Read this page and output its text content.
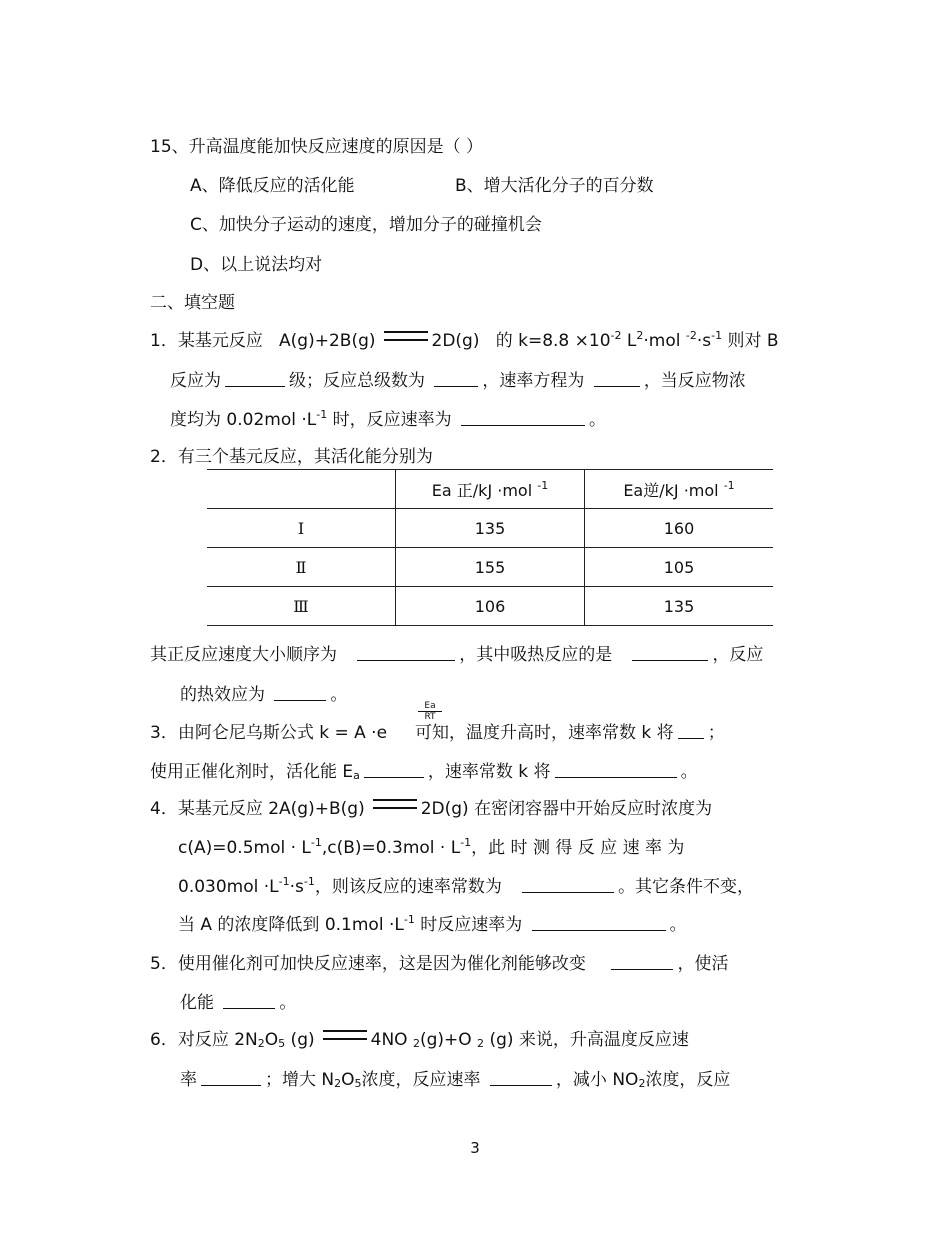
15、升高温度能加快反应速度的原因是（ ）
A、降低反应的活化能	B、增大活化分子的百分数
C、加快分子运动的速度，增加分子的碰撞机会
D、以上说法均对
二、填空题
1．某基元反应 A(g)+2B(g)	2D(g) 的 $k=8.8 \times 10^{-2}$ $L^2\cdot mol$ $^{-2}\cdot s^{-1}$ 则对 B
反应为	级；反应总级数为	，速率方程为	，当反应物浓
度均为 $0.02mol \cdot L^{-1}$ 时，反应速率为	。
2．有三个基元反应，其活化能分别为
	Ea 正/kJ ·mol $^{-1}$	Ea逆/kJ ·mol $^{-1}$
Ⅰ	135	160
Ⅱ	155	105
Ⅲ	106	135
其正反应速度大小顺序为	，其中吸热反应的是	，反应
的热效应为	。
$\frac{Ea}{RT}$
3．由阿仑尼乌斯公式 k = A ·e 可知，温度升高时，速率常数 k 将 ；
使用正催化剂时，活化能 $E_a$	，速率常数 k 将	。
4．某基元反应 2A(g)+B(g)	2D(g) 在密闭容器中开始反应时浓度为
$c(A)=0.5mol \cdot L^{-1},c(B)=0.3mol \cdot L^{-1}$，此 时 测 得 反 应 速 率 为
$0.030mol \cdot L^{-1}\cdot s^{-1}$，则该反应的速率常数为	。其它条件不变，
当 A 的浓度降低到 $0.1mol \cdot L^{-1}$ 时反应速率为	。
5．使用催化剂可加快反应速率，这是因为催化剂能够改变	，使活
化能	。
6．对反应 $2N_2O_5$ (g)	4NO $_2$(g)+O $_2$ (g) 来说，升高温度反应速
率	；增大 $N_2O_5$浓度，反应速率	，减小 $NO_2$浓度，反应
3
